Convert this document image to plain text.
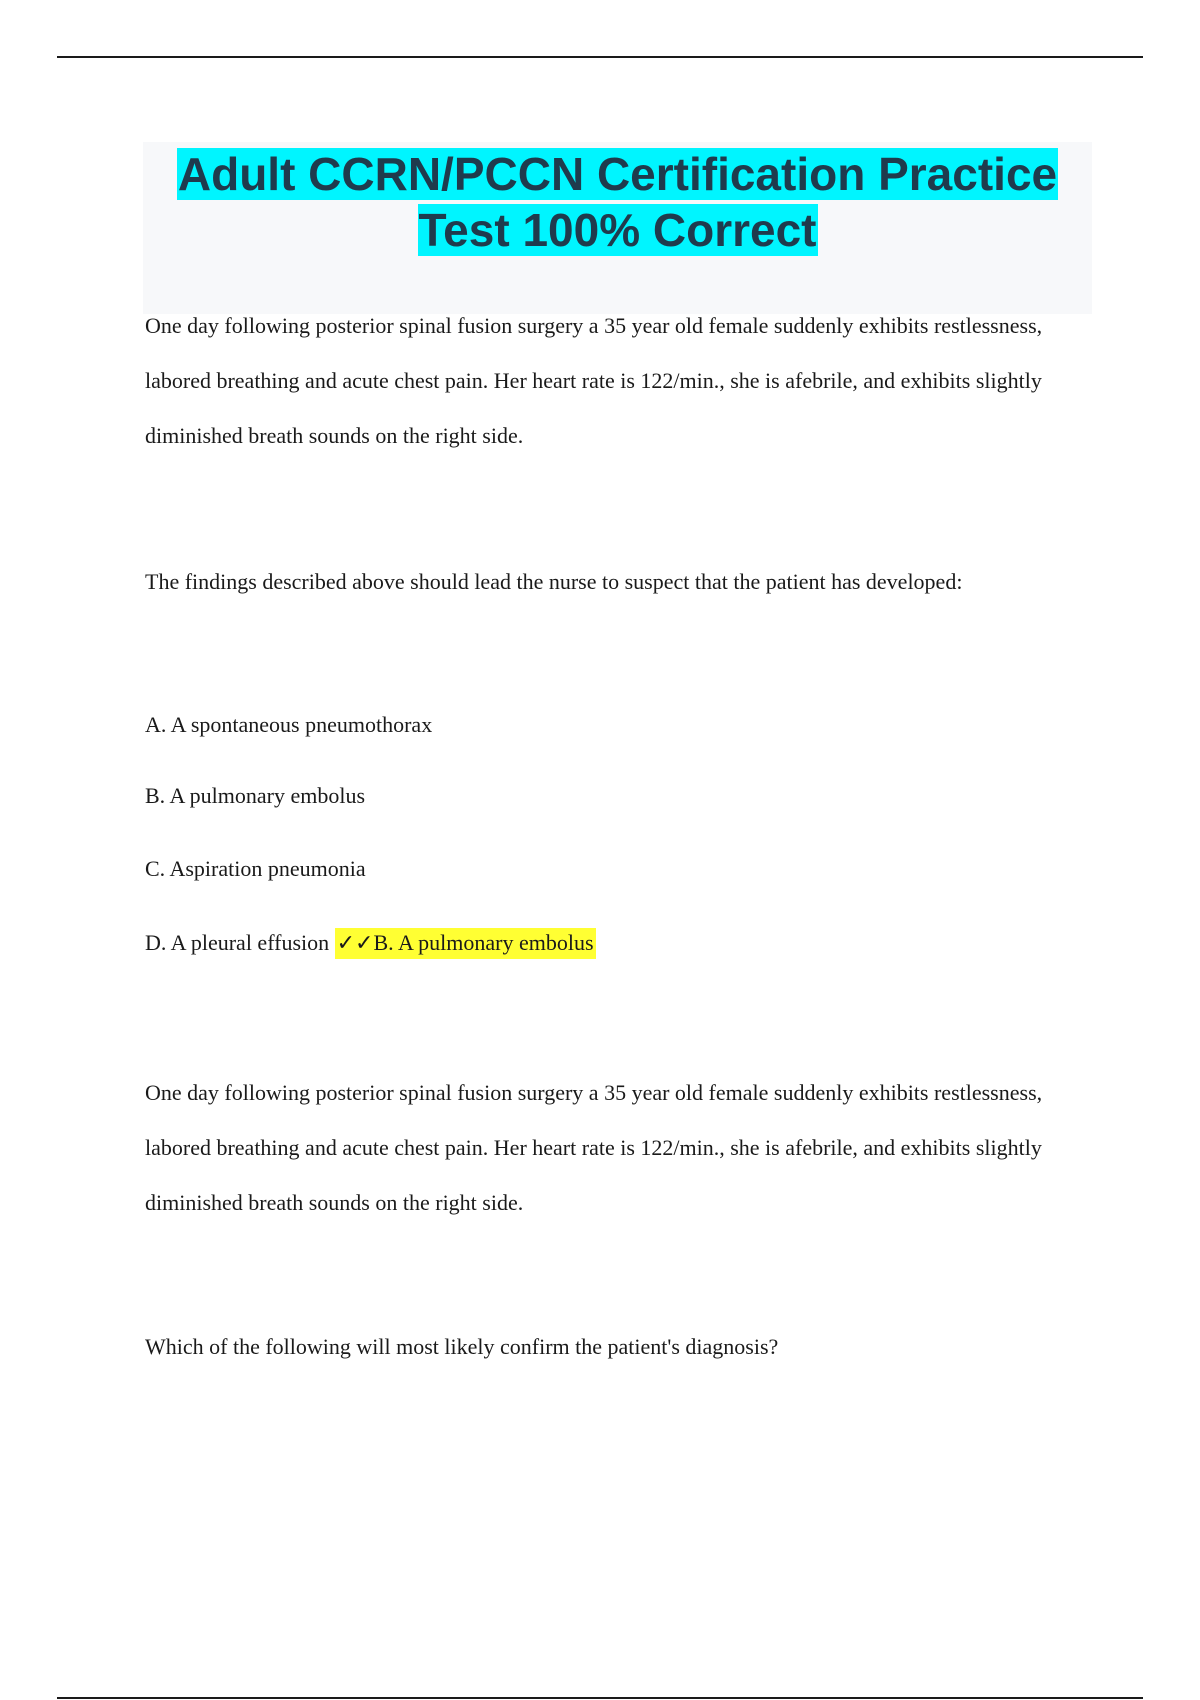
Adult CCRN/PCCN Certification Practice
Test 100% Correct

One day following posterior spinal fusion surgery a 35 year old female suddenly exhibits restlessness, labored breathing and acute chest pain. Her heart rate is 122/min., she is afebrile, and exhibits slightly diminished breath sounds on the right side.

The findings described above should lead the nurse to suspect that the patient has developed:

A. A spontaneous pneumothorax

B. A pulmonary embolus

C. Aspiration pneumonia

D. A pleural effusion ✓✓B. A pulmonary embolus

One day following posterior spinal fusion surgery a 35 year old female suddenly exhibits restlessness, labored breathing and acute chest pain. Her heart rate is 122/min., she is afebrile, and exhibits slightly diminished breath sounds on the right side.

Which of the following will most likely confirm the patient's diagnosis?
